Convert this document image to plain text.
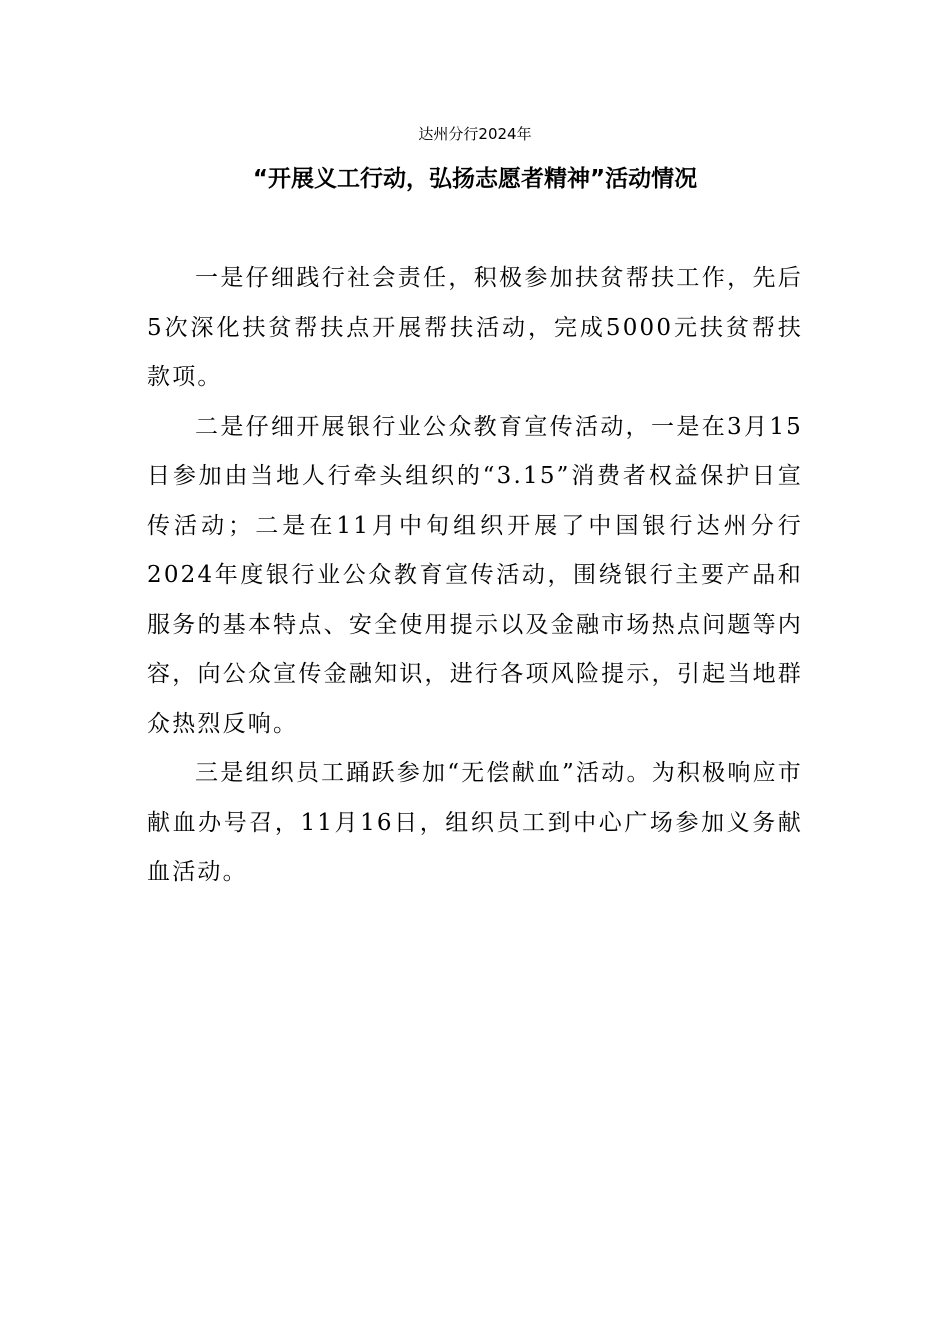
达州分行2024年
“开展义工行动，弘扬志愿者精神”活动情况

一是仔细践行社会责任，积极参加扶贫帮扶工作，先后5次深化扶贫帮扶点开展帮扶活动，完成5000元扶贫帮扶款项。

二是仔细开展银行业公众教育宣传活动，一是在3月15日参加由当地人行牵头组织的“3.15”消费者权益保护日宣传活动；二是在11月中旬组织开展了中国银行达州分行2024年度银行业公众教育宣传活动，围绕银行主要产品和服务的基本特点、安全使用提示以及金融市场热点问题等内容，向公众宣传金融知识，进行各项风险提示，引起当地群众热烈反响。

三是组织员工踊跃参加“无偿献血”活动。为积极响应市献血办号召，11月16日，组织员工到中心广场参加义务献血活动。
